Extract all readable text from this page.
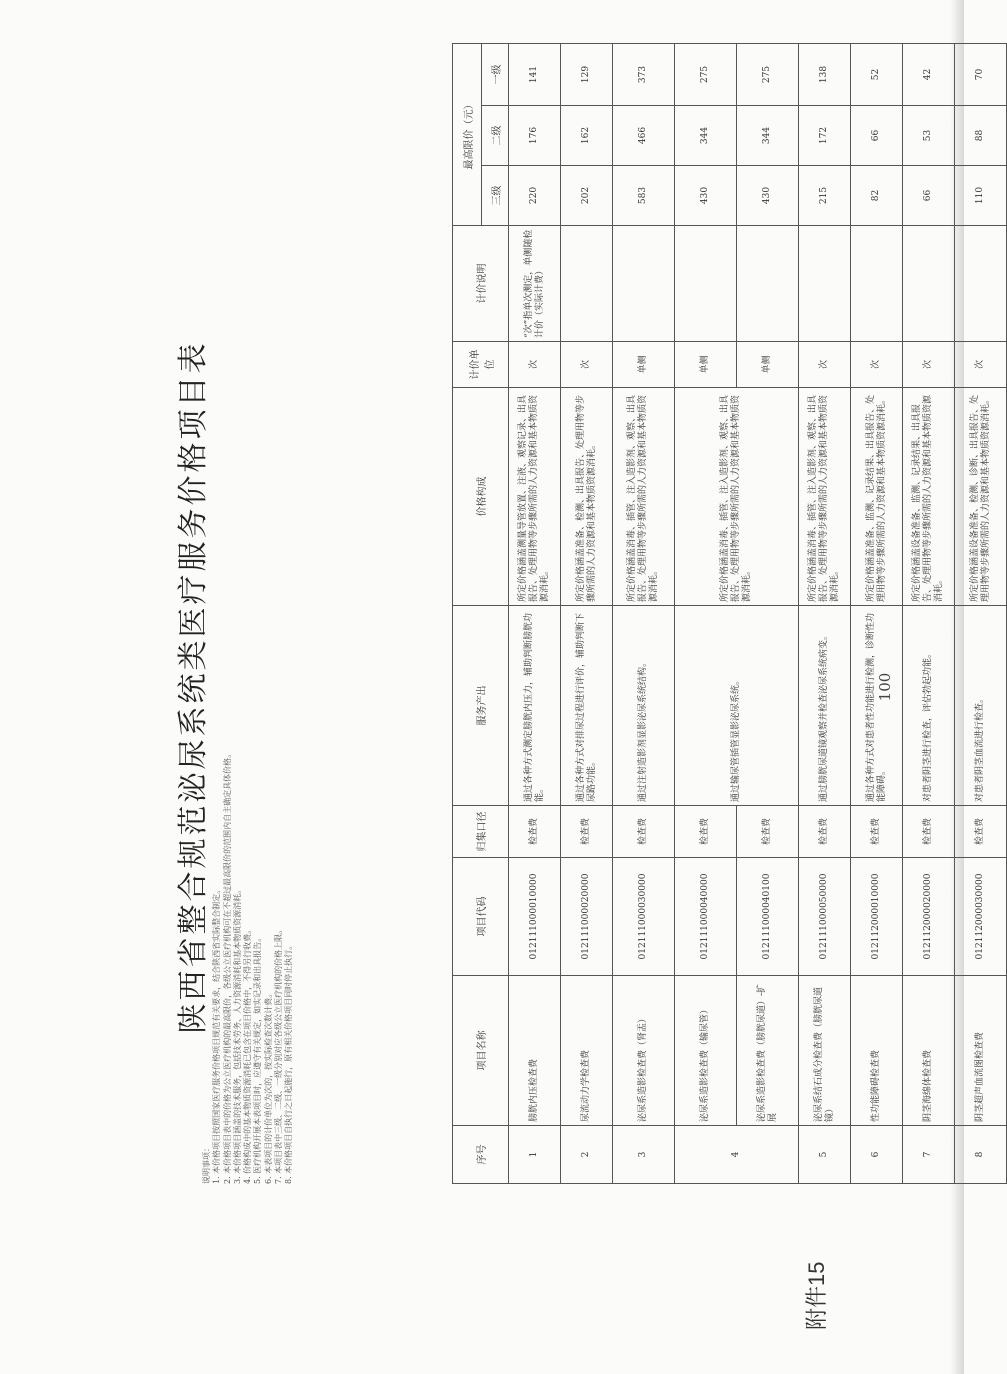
附件15
陕西省整合规范泌尿系统类医疗服务价格项目表
说明事项： 1. 本价格项目按照国家医疗服务价格项目规范有关要求，结合陕西省实际整合制定。 2. 本价格项目表中的价格为公立医疗机构的最高限价，各级公立医疗机构可在不超过最高限价的范围内自主确定具体价格。 3. 本价格项目涵盖的技术服务，包括技术劳务、人力资源消耗和基本物质资源消耗。 4. 价格构成中的基本物质资源消耗已包含在项目价格中，不得另行收费。 5. 医疗机构开展本表项目时，应遵守有关规定，如实记录和出具报告。 6. 本表项目的计价单位为次的，按实际检查次数计费。 7. 本项目表中三级、二级、一级分别对应各级公立医疗机构的价格上限。 8. 本价格项目自执行之日起施行，原有相关价格项目同时停止执行。	序号	项目名称	项目代码	归集口径	服务产出	价格构成	计价单位	计价说明	最高限价（元）		
								三级	二级	一级
1	膀胱内压检查费	012111000010000	检查费	通过各种方式测定膀胱内压力，辅助判断膀胱功能。	所定价格涵盖测量导管放置、注液、观察记录、出具报告、处理用物等步骤所需的人力资源和基本物质资源消耗。	次	“次”指单次测定，单侧随检计价（实际计费）	220	176	141
2	尿流动力学检查费	012111000020000	检查费	通过各种方式对排尿过程进行评价，辅助判断下尿路功能。	所定价格涵盖准备、检测、出具报告、处理用物等步骤所需的人力资源和基本物质资源消耗。	次		202	162	129
3	泌尿系造影检查费（肾盂）	012111000030000	检查费	通过注射造影剂显影泌尿系统结构。	所定价格涵盖消毒、插管、注入造影剂、观察、出具报告、处理用物等步骤所需的人力资源和基本物质资源消耗。	单侧		583	466	373
4	泌尿系造影检查费（输尿管）	012111000040000	检查费	通过输尿管插管显影泌尿系统。	所定价格涵盖消毒、插管、注入造影剂、观察、出具报告、处理用物等步骤所需的人力资源和基本物质资源消耗。	单侧		430	344	275
	泌尿系造影检查费（膀胱尿道）-扩展	012111000040100	检查费			单侧		430	344	275
5	泌尿系结石成分检查费（膀胱尿道镜）	012111000050000	检查费	通过膀胱尿道镜观察并检查泌尿系统病变。	所定价格涵盖消毒、插管、注入造影剂、观察、出具报告、处理用物等步骤所需的人力资源和基本物质资源消耗。	次		215	172	138
6	性功能障碍检查费	012112000010000	检查费	通过各种方式对患者性功能进行检测，诊断性功能障碍。	所定价格涵盖准备、监测、记录结果、出具报告、处理用物等步骤所需的人力资源和基本物质资源消耗。	次		82	66	52
7	阴茎海绵体检查费	012112000020000	检查费	对患者阴茎进行检查，评估勃起功能。	所定价格涵盖设备准备、监测、记录结果、出具报告、处理用物等步骤所需的人力资源和基本物质资源消耗。	次		66	53	42
8	阴茎超声血流图检查费	012112000030000	检查费	对患者阴茎血流进行检查。	所定价格涵盖设备准备、检测、诊断、出具报告、处理用物等步骤所需的人力资源和基本物质资源消耗。	次		110	88	70
100
